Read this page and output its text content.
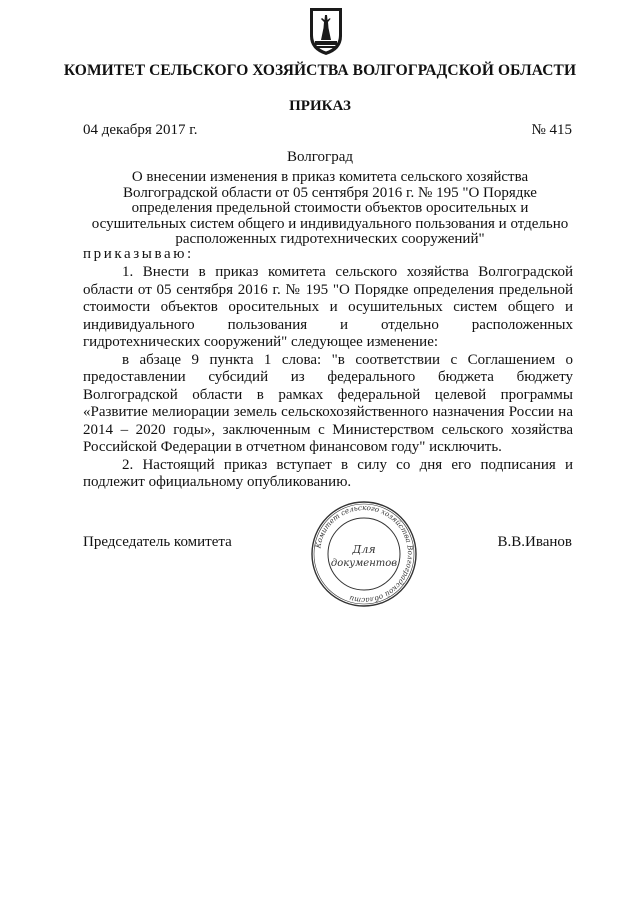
КОМИТЕТ СЕЛЬСКОГО ХОЗЯЙСТВА ВОЛГОГРАДСКОЙ ОБЛАСТИ
ПРИКАЗ
04 декабря 2017 г.	№ 415
Волгоград
О внесении изменения в приказ комитета сельского хозяйства
Волгоградской области от 05 сентября 2016 г. № 195 "О Порядке
определения предельной стоимости объектов оросительных и
осушительных систем общего и индивидуального пользования и отдельно
расположенных гидротехнических сооружений"
приказываю:

1. Внести в приказ комитета сельского хозяйства Волгоградской области от 05 сентября 2016 г. № 195 "О Порядке определения предельной стоимости объектов оросительных и осушительных систем общего и индивидуального пользования и отдельно расположенных гидротехнических сооружений" следующее изменение:

в абзаце 9 пункта 1 слова: "в соответствии с Соглашением о предоставлении субсидий из федерального бюджета бюджету Волгоградской области в рамках федеральной целевой программы «Развитие мелиорации земель сельскохозяйственного назначения России на 2014 – 2020 годы», заключенным с Министерством сельского хозяйства Российской Федерации в отчетном финансовом году" исключить.

2. Настоящий приказ вступает в силу со дня его подписания и подлежит официальному опубликованию.

Председатель комитета	В.В.Иванов
Комитет сельского хозяйства Волгоградской области
Для
документов
